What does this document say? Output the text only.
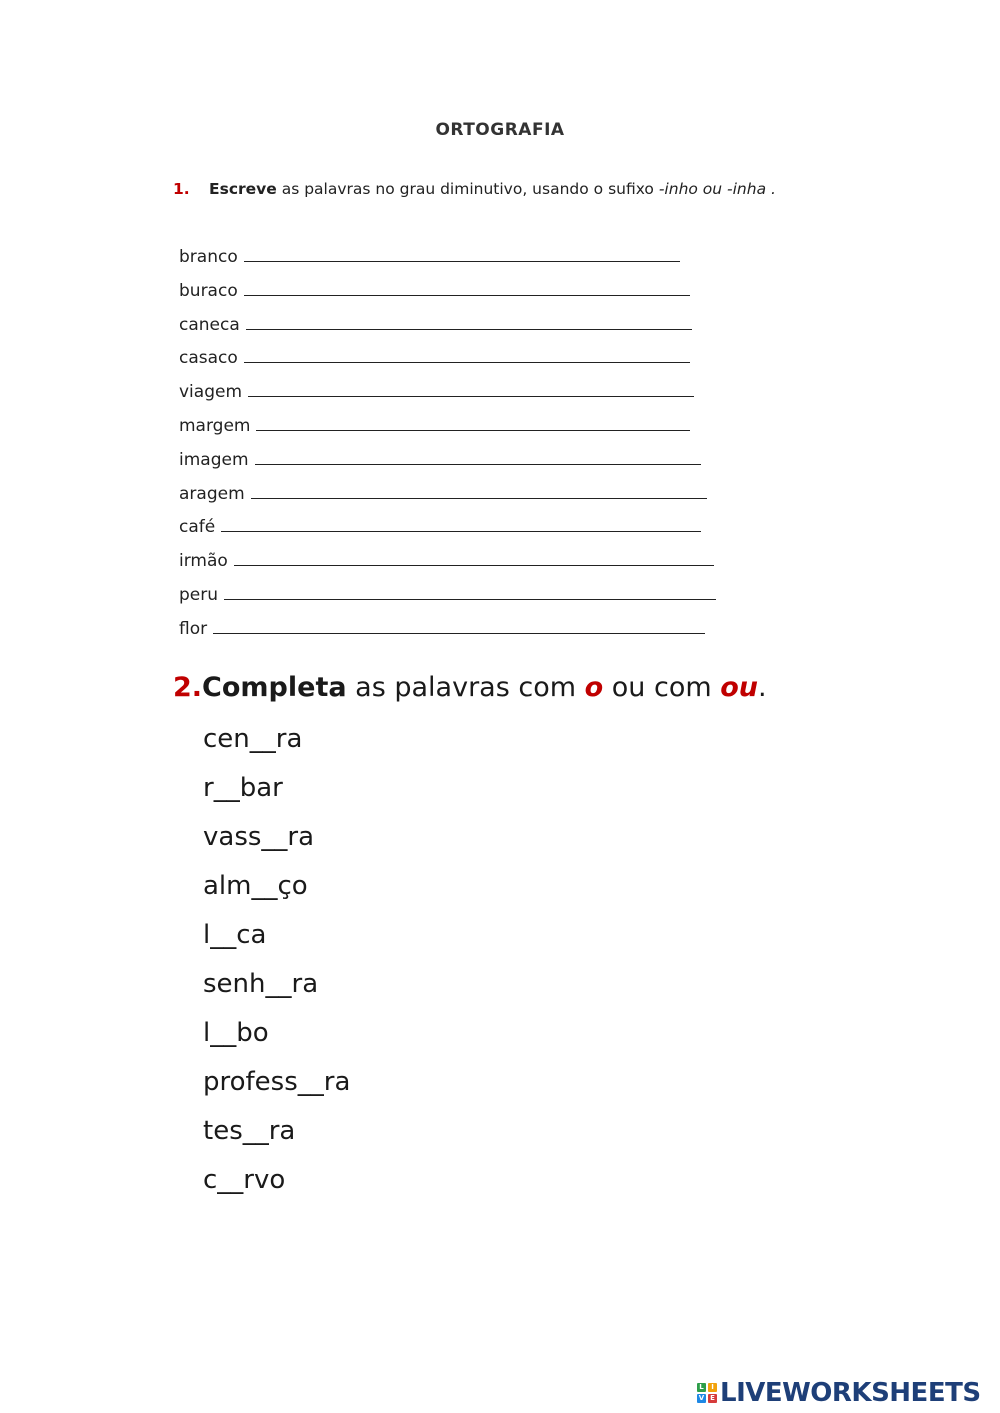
ORTOGRAFIA
1. Escreve as palavras no grau diminutivo, usando o sufixo -inho ou -inha .
branco
buraco
caneca
casaco
viagem
margem
imagem
aragem
café
irmão
peru
flor
2.Completa as palavras com o ou com ou.
cen__ra
r__bar
vass__ra
alm__ço
l__ca
senh__ra
l__bo
profess__ra
tes__ra
c__rvo
L	I
V E LIVEWORKSHEETS
